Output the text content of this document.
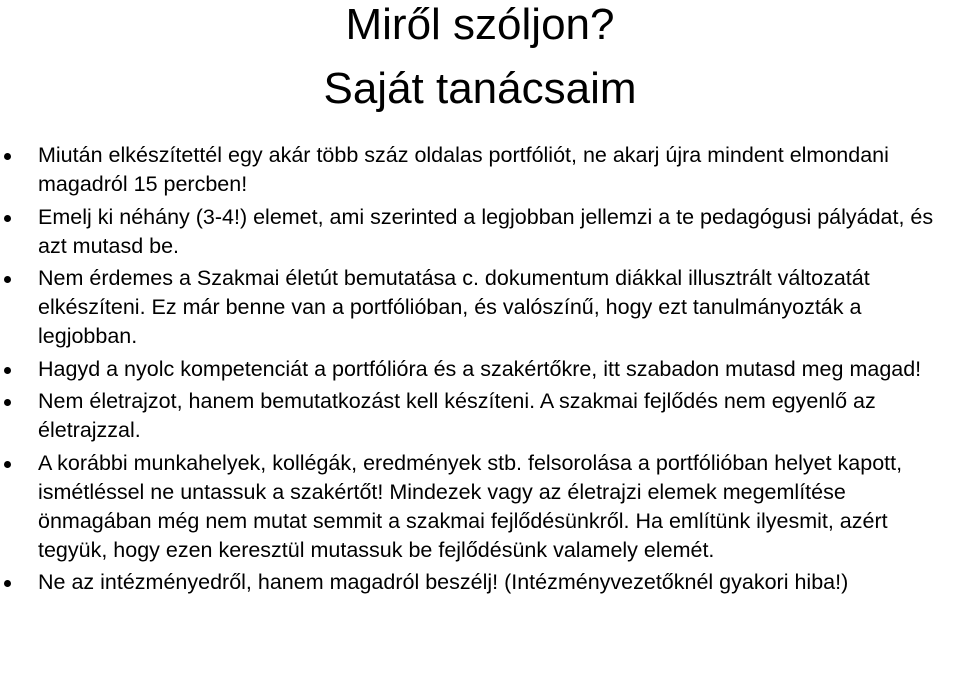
Miről szóljon?
Saját tanácsaim
Miután elkészítettél egy akár több száz oldalas portfóliót, ne akarj újra mindent elmondani magadról 15 percben!
Emelj ki néhány (3-4!) elemet, ami szerinted a legjobban jellemzi a te pedagógusi pályádat, és azt mutasd be.
Nem érdemes a Szakmai életút bemutatása c. dokumentum diákkal illusztrált változatát elkészíteni. Ez már benne van a portfólióban, és valószínű, hogy ezt tanulmányozták a legjobban.
Hagyd a nyolc kompetenciát a portfólióra és a szakértőkre, itt szabadon mutasd meg magad!
Nem életrajzot, hanem bemutatkozást kell készíteni. A szakmai fejlődés nem egyenlő az életrajzzal.
A korábbi munkahelyek, kollégák, eredmények stb. felsorolása a portfólióban helyet kapott, ismétléssel ne untassuk a szakértőt! Mindezek vagy az életrajzi elemek megemlítése önmagában még nem mutat semmit a szakmai fejlődésünkről. Ha említünk ilyesmit, azért tegyük, hogy ezen keresztül mutassuk be fejlődésünk valamely elemét.
Ne az intézményedről, hanem magadról beszélj! (Intézményvezetőknél gyakori hiba!)
